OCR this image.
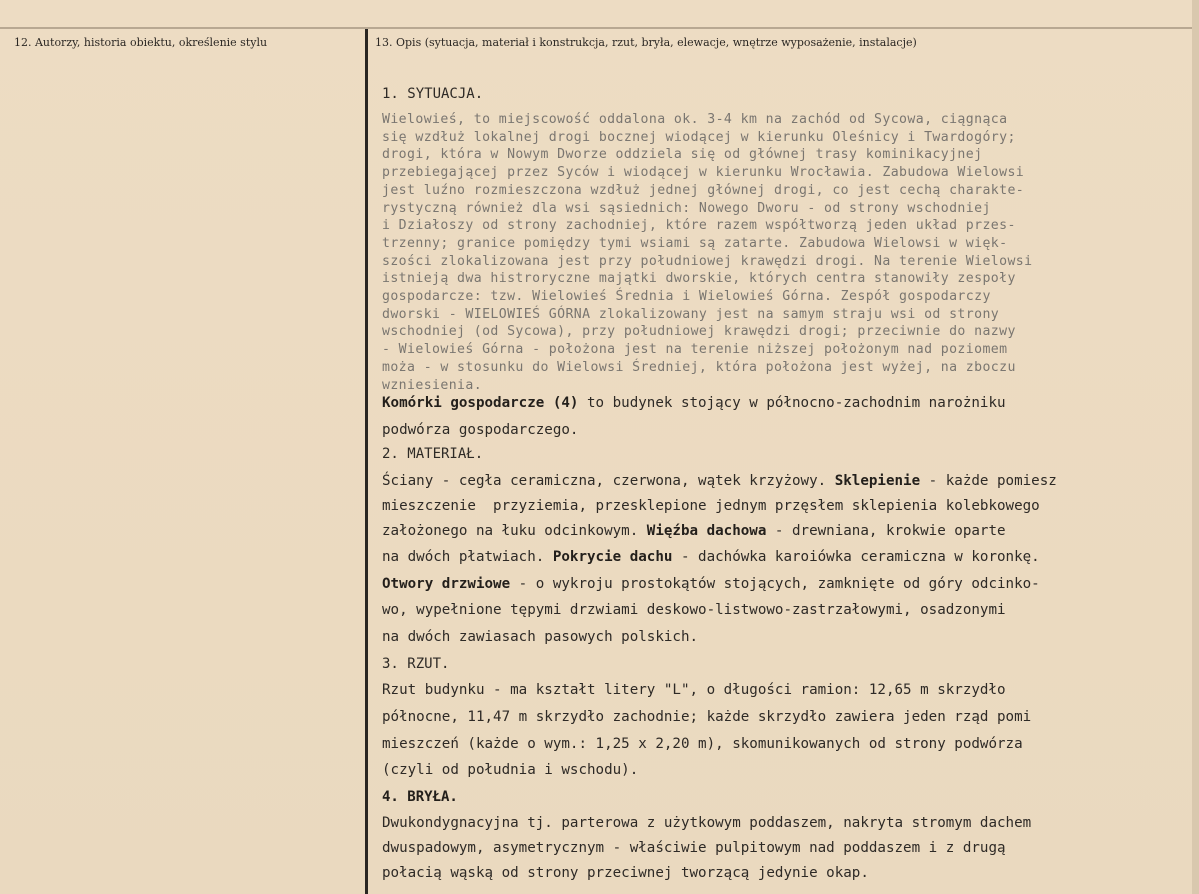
12. Autorzy, historia obiektu, określenie stylu	13. Opis (sytuacja, materiał i konstrukcja, rzut, bryła, elewacje, wnętrze wyposażenie, instalacje)
1. SYTUACJA.
Wielowieś, to miejscowość oddalona ok. 3-4 km na zachód od Sycowa, ciągnąca
się wzdłuż lokalnej drogi bocznej wiodącej w kierunku Oleśnicy i Twardogóry;
drogi, która w Nowym Dworze oddziela się od głównej trasy kominikacyjnej
przebiegającej przez Syców i wiodącej w kierunku Wrocławia. Zabudowa Wielowsi
jest luźno rozmieszczona wzdłuż jednej głównej drogi, co jest cechą charakte-
rystyczną również dla wsi sąsiednich: Nowego Dworu - od strony wschodniej
i Działoszy od strony zachodniej, które razem współtworzą jeden układ przes-
trzenny; granice pomiędzy tymi wsiami są zatarte. Zabudowa Wielowsi w więk-
szości zlokalizowana jest przy południowej krawędzi drogi. Na terenie Wielowsi
istnieją dwa histroryczne majątki dworskie, których centra stanowiły zespoły
gospodarcze: tzw. Wielowieś Średnia i Wielowieś Górna. Zespół gospodarczy
dworski - WIELOWIEŚ GÓRNA zlokalizowany jest na samym straju wsi od strony
wschodniej (od Sycowa), przy południowej krawędzi drogi; przeciwnie do nazwy
- Wielowieś Górna - położona jest na terenie niższej położonym nad poziomem
moża - w stosunku do Wielowsi Średniej, która położona jest wyżej, na zboczu
wzniesienia.
Komórki gospodarcze (4) to budynek stojący w północno-zachodnim narożniku
podwórza gospodarczego.
2. MATERIAŁ.
Ściany - cegła ceramiczna, czerwona, wątek krzyżowy. Sklepienie - każde pomiesz
mieszczenie  przyziemia, przesklepione jednym przęsłem sklepienia kolebkowego
założonego na łuku odcinkowym. Więźba dachowa - drewniana, krokwie oparte
na dwóch płatwiach. Pokrycie dachu - dachówka karoiówka ceramiczna w koronkę.
Otwory drzwiowe - o wykroju prostokątów stojących, zamknięte od góry odcinko-
wo, wypełnione tępymi drzwiami deskowo-listwowo-zastrzałowymi, osadzonymi
na dwóch zawiasach pasowych polskich.
3. RZUT.
Rzut budynku - ma kształt litery "L", o długości ramion: 12,65 m skrzydło
północne, 11,47 m skrzydło zachodnie; każde skrzydło zawiera jeden rząd pomi
mieszczeń (każde o wym.: 1,25 x 2,20 m), skomunikowanych od strony podwórza
(czyli od południa i wschodu).
4. BRYŁA.
Dwukondygnacyjna tj. parterowa z użytkowym poddaszem, nakryta stromym dachem
dwuspadowym, asymetrycznym - właściwie pulpitowym nad poddaszem i z drugą
połacią wąską od strony przeciwnej tworzącą jedynie okap.
